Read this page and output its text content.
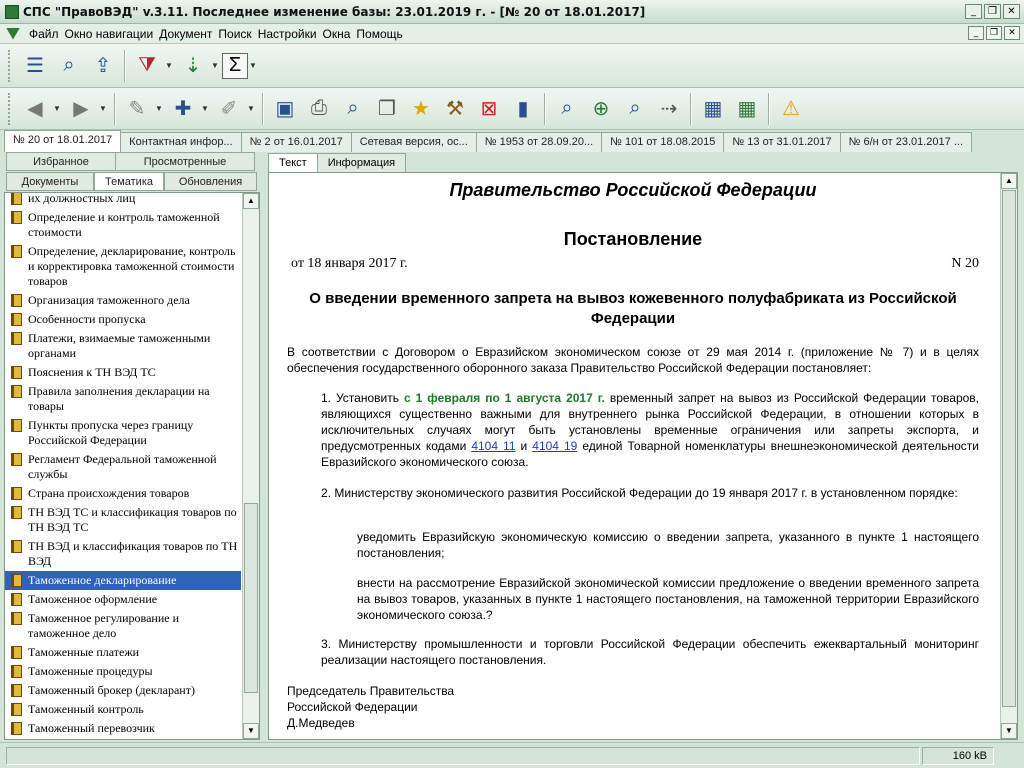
СПС "ПравоВЭД" v.3.11. Последнее изменение базы: 23.01.2019 г. - [№ 20 от 18.01.2017]	_	❐	✕
Файл Окно навигации Документ Поиск Настройки Окна Помощь	_	❐	✕
☰ ⌕	⇪	⧩	▼ ⇣	▼ Σ ▼
◀	▼ ▶	▼	✎	▼ ✚	▼ ✐	▼	▣ ⎙	⌕ ❐ ★ ⚒ ⊠	▮	⌕	⊕	⌕	⇢	▦ ▦	⚠
№ 20 от 18.01.2017	Контактная инфор...	№ 2 от 16.01.2017	Сетевая версия, ос...	№ 1953 от 28.09.20...	№ 101 от 18.08.2015	№ 13 от 31.01.2017	№ 6/н от 23.01.2017 ...
Избранное	Просмотренные
Документы	Тематика	Обновления
их должностных лиц
Определение и контроль таможенной стоимости
Определение, декларирование, контроль и корректировка таможенной стоимости товаров
Организация таможенного дела
Особенности пропуска
Платежи, взимаемые таможенными органами
Пояснения к ТН ВЭД ТС
Правила заполнения декларации на товары
Пункты пропуска через границу Российской Федерации
Регламент Федеральной таможенной службы
Страна происхождения товаров
ТН ВЭД ТС и классификация товаров по ТН ВЭД ТС
ТН ВЭД и классификация товаров по ТН ВЭД
Таможенное декларирование
Таможенное оформление
Таможенное регулирование и таможенное дело
Таможенные платежи
Таможенные процедуры
Таможенный брокер (декларант)
Таможенный контроль
Таможенный перевозчик
▲
▼
Текст	Информация
Правительство Российской Федерации
Постановление
от 18 января 2017 г.	N 20
О введении временного запрета на вывоз кожевенного полуфабриката из Российской Федерации
В соответствии с Договором о Евразийском экономическом союзе от 29 мая 2014 г. (приложение № 7) и в целях обеспечения государственного оборонного заказа Правительство Российской Федерации постановляет:
1. Установить с 1 февраля по 1 августа 2017 г. временный запрет на вывоз из Российской Федерации товаров, являющихся существенно важными для внутреннего рынка Российской Федерации, в отношении которых в исключительных случаях могут быть установлены временные ограничения или запреты экспорта, и предусмотренных кодами 4104 11 и 4104 19 единой Товарной номенклатуры внешнеэкономической деятельности Евразийского экономического союза.
2. Министерству экономического развития Российской Федерации до 19 января 2017 г. в установленном порядке:
уведомить Евразийскую экономическую комиссию о введении запрета, указанного в пункте 1 настоящего постановления;
внести на рассмотрение Евразийской экономической комиссии предложение о введении временного запрета на вывоз товаров, указанных в пункте 1 настоящего постановления, на таможенной территории Евразийского экономического союза.?
3. Министерству промышленности и торговли Российской Федерации обеспечить ежеквартальный мониторинг реализации настоящего постановления.
Председатель Правительства
Российской Федерации
Д.Медведев
▲
▼
160 kB
